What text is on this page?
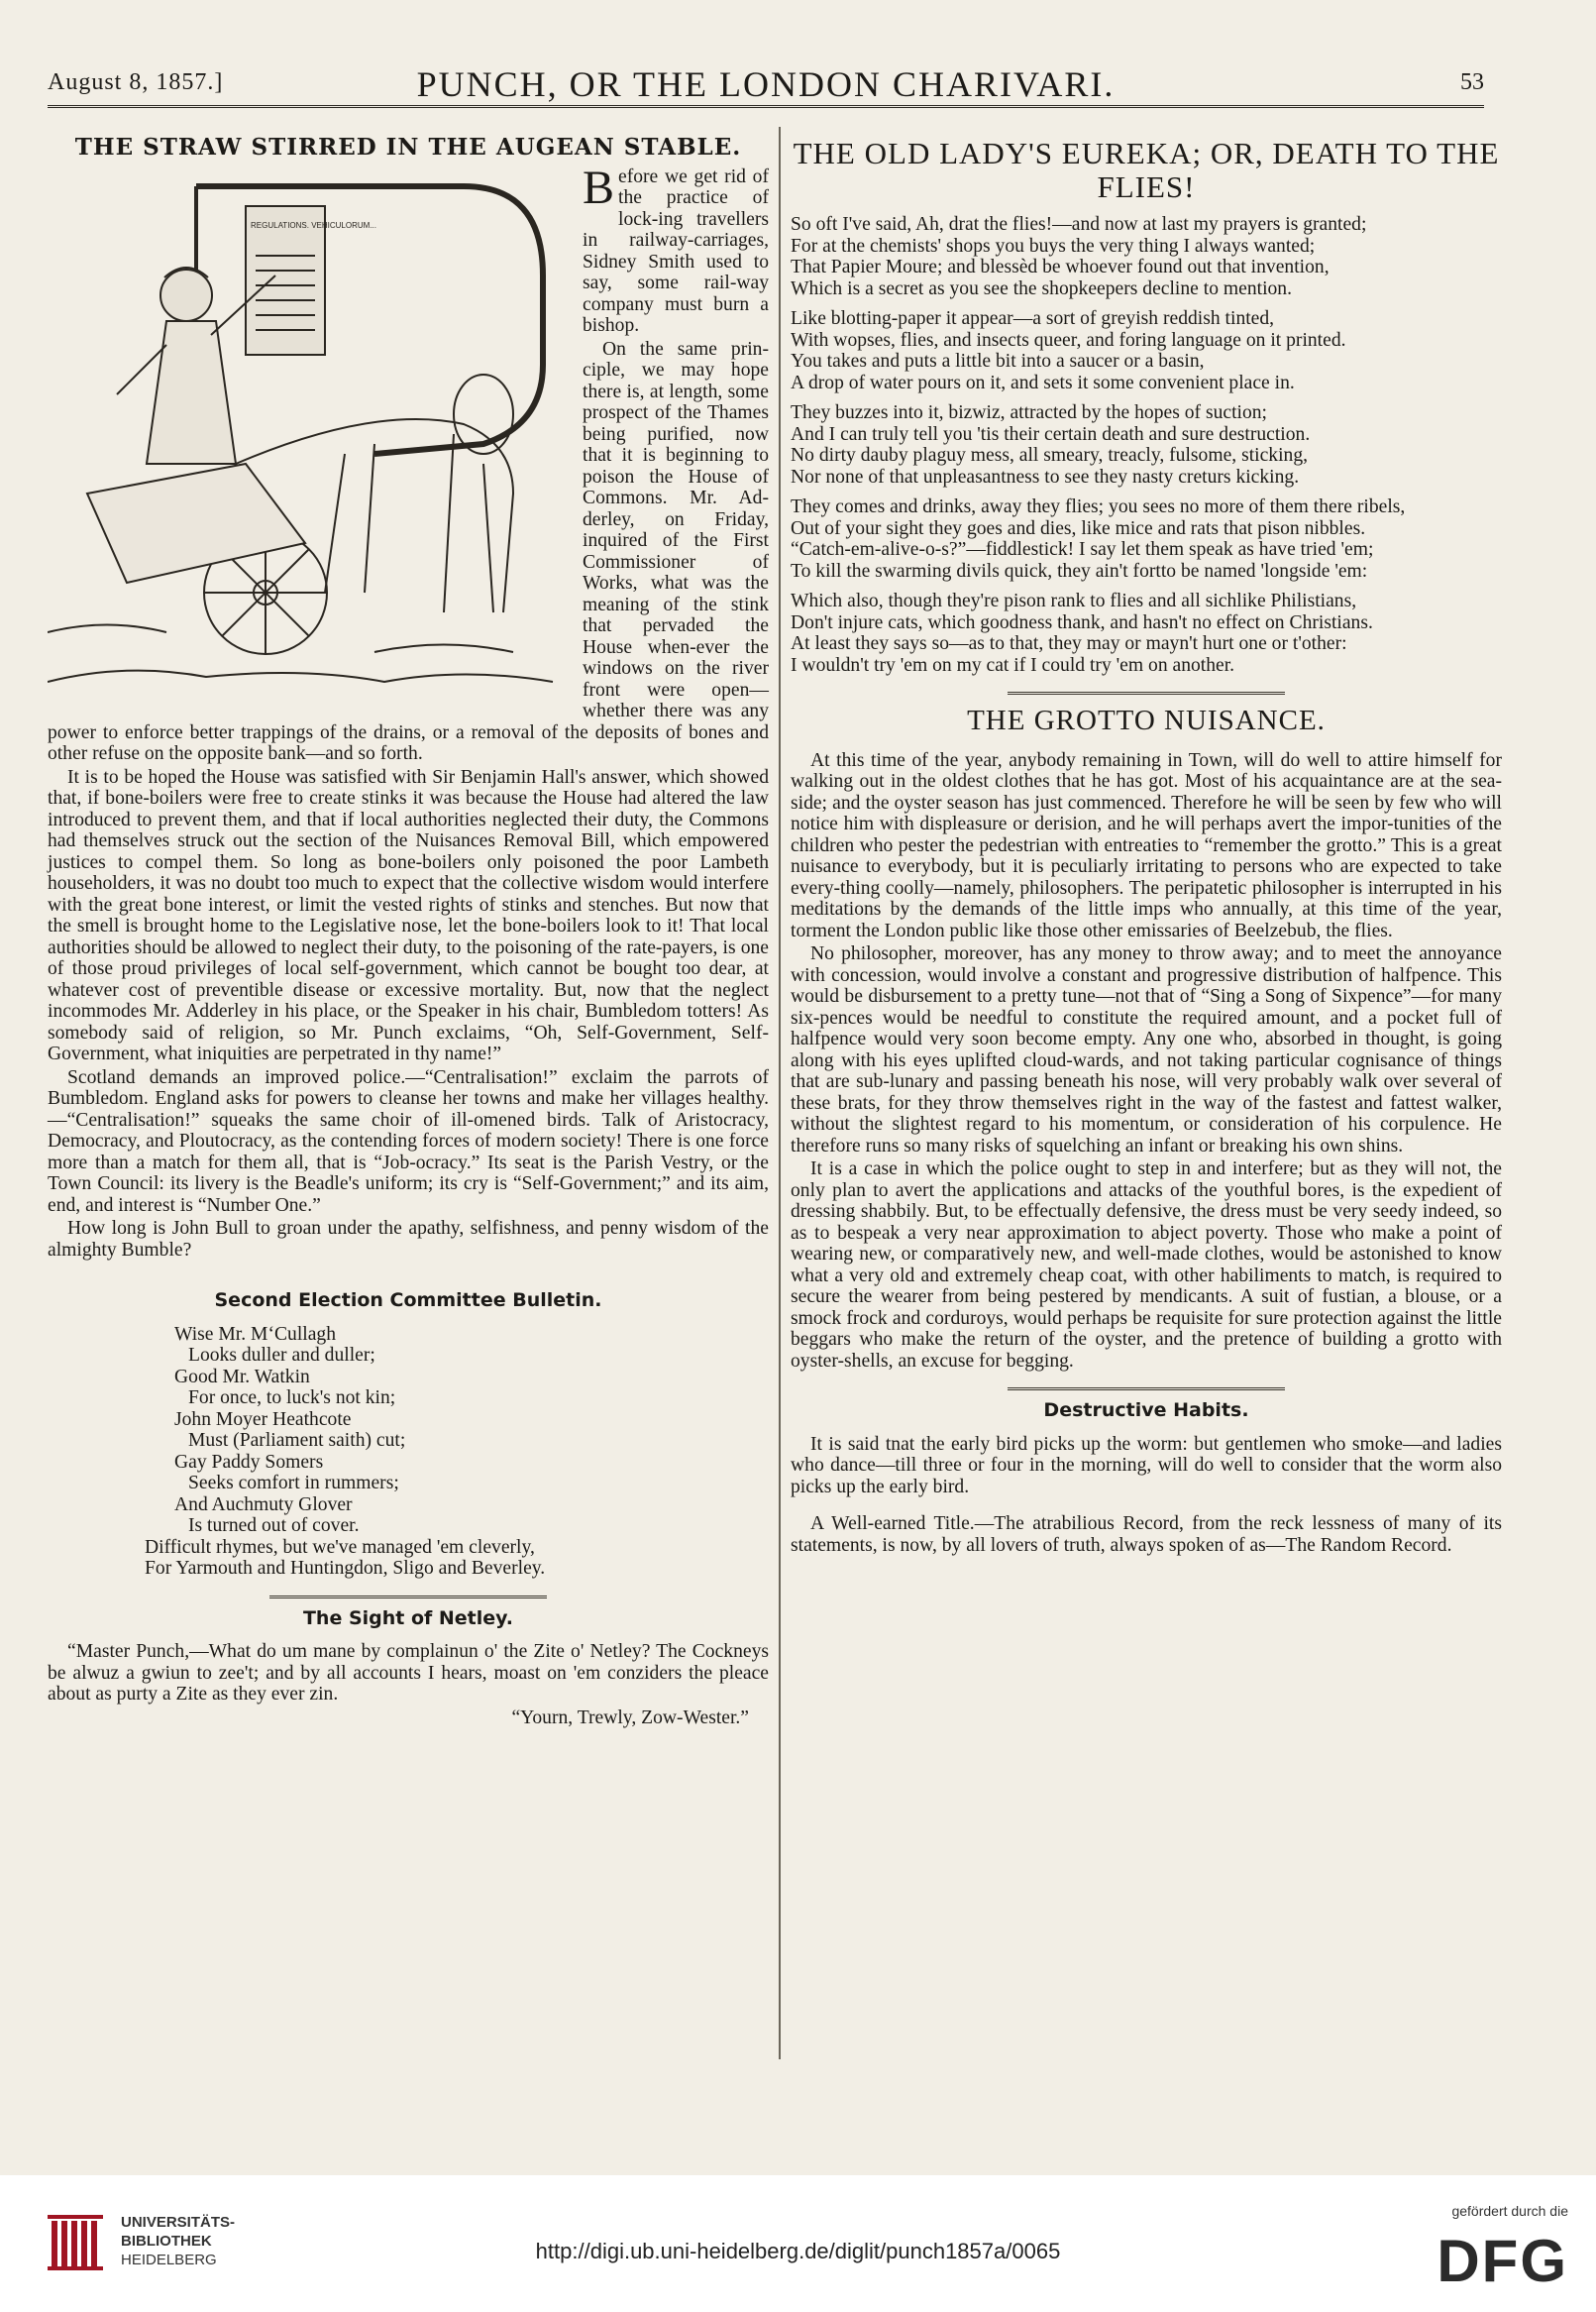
August 8, 1857.]	PUNCH, OR THE LONDON CHARIVARI.	53
THE STRAW STIRRED IN THE AUGEAN STABLE.
REGULATIONS. VEHICULORUM...

Before we get rid of the practice of lock-ing travellers in railway-carriages, Sidney Smith used to say, some rail-way company must burn a bishop.

On the same prin-ciple, we may hope there is, at length, some prospect of the Thames being purified, now that it is beginning to poison the House of Commons. Mr. Ad-derley, on Friday, inquired of the First Commissioner of Works, what was the meaning of the stink that pervaded the House when-ever the windows on the river front were open—whether there was any power to enforce better trappings of the drains, or a removal of the deposits of bones and other refuse on the opposite bank—and so forth.

It is to be hoped the House was satisfied with Sir Benjamin Hall's answer, which showed that, if bone-boilers were free to create stinks it was because the House had altered the law introduced to prevent them, and that if local authorities neglected their duty, the Commons had themselves struck out the section of the Nuisances Removal Bill, which empowered justices to compel them. So long as bone-boilers only poisoned the poor Lambeth householders, it was no doubt too much to expect that the collective wisdom would interfere with the great bone interest, or limit the vested rights of stinks and stenches. But now that the smell is brought home to the Legislative nose, let the bone-boilers look to it! That local authorities should be allowed to neglect their duty, to the poisoning of the rate-payers, is one of those proud privileges of local self-government, which cannot be bought too dear, at whatever cost of preventible disease or excessive mortality. But, now that the neglect incommodes Mr. Adderley in his place, or the Speaker in his chair, Bumbledom totters! As somebody said of religion, so Mr. Punch exclaims, “Oh, Self-Government, Self-Government, what iniquities are perpetrated in thy name!”

Scotland demands an improved police.—“Centralisation!” exclaim the parrots of Bumbledom. England asks for powers to cleanse her towns and make her villages healthy.—“Centralisation!” squeaks the same choir of ill-omened birds. Talk of Aristocracy, Democracy, and Ploutocracy, as the contending forces of modern society! There is one force more than a match for them all, that is “Job-ocracy.” Its seat is the Parish Vestry, or the Town Council: its livery is the Beadle's uniform; its cry is “Self-Government;” and its aim, end, and interest is “Number One.”

How long is John Bull to groan under the apathy, selfishness, and penny wisdom of the almighty Bumble?

Second Election Committee Bulletin.
Wise Mr. M‘Cullagh
Looks duller and duller;
Good Mr. Watkin
For once, to luck's not kin;
John Moyer Heathcote
Must (Parliament saith) cut;
Gay Paddy Somers
Seeks comfort in rummers;
And Auchmuty Glover
Is turned out of cover.
Difficult rhymes, but we've managed 'em cleverly,
For Yarmouth and Huntingdon, Sligo and Beverley.
The Sight of Netley.

“Master Punch,—What do um mane by complainun o' the Zite o' Netley? The Cockneys be alwuz a gwiun to zee't; and by all accounts I hears, moast on 'em conziders the pleace about as purty a Zite as they ever zin.

“Yourn, Trewly, Zow-Wester.”
THE OLD LADY'S EUREKA; OR, DEATH TO THE FLIES!
So oft I've said, Ah, drat the flies!—and now at last my prayers is granted;
For at the chemists' shops you buys the very thing I always wanted;
That Papier Moure; and blessèd be whoever found out that invention,
Which is a secret as you see the shopkeepers decline to mention.
Like blotting-paper it appear—a sort of greyish reddish tinted,
With wopses, flies, and insects queer, and foring language on it printed.
You takes and puts a little bit into a saucer or a basin,
A drop of water pours on it, and sets it some convenient place in.
They buzzes into it, bizwiz, attracted by the hopes of suction;
And I can truly tell you 'tis their certain death and sure destruction.
No dirty dauby plaguy mess, all smeary, treacly, fulsome, sticking,
Nor none of that unpleasantness to see they nasty creturs kicking.
They comes and drinks, away they flies; you sees no more of them there ribels,
Out of your sight they goes and dies, like mice and rats that pison nibbles.
“Catch-em-alive-o-s?”—fiddlestick! I say let them speak as have tried 'em;
To kill the swarming divils quick, they ain't fortto be named 'longside 'em:
Which also, though they're pison rank to flies and all sichlike Philistians,
Don't injure cats, which goodness thank, and hasn't no effect on Christians.
At least they says so—as to that, they may or mayn't hurt one or t'other:
I wouldn't try 'em on my cat if I could try 'em on another.
THE GROTTO NUISANCE.

At this time of the year, anybody remaining in Town, will do well to attire himself for walking out in the oldest clothes that he has got. Most of his acquaintance are at the sea-side; and the oyster season has just commenced. Therefore he will be seen by few who will notice him with displeasure or derision, and he will perhaps avert the impor-tunities of the children who pester the pedestrian with entreaties to “remember the grotto.” This is a great nuisance to everybody, but it is peculiarly irritating to persons who are expected to take every-thing coolly—namely, philosophers. The peripatetic philosopher is interrupted in his meditations by the demands of the little imps who annually, at this time of the year, torment the London public like those other emissaries of Beelzebub, the flies.

No philosopher, moreover, has any money to throw away; and to meet the annoyance with concession, would involve a constant and progressive distribution of halfpence. This would be disbursement to a pretty tune—not that of “Sing a Song of Sixpence”—for many six-pences would be needful to constitute the required amount, and a pocket full of halfpence would very soon become empty. Any one who, absorbed in thought, is going along with his eyes uplifted cloud-wards, and not taking particular cognisance of things that are sub-lunary and passing beneath his nose, will very probably walk over several of these brats, for they throw themselves right in the way of the fastest and fattest walker, without the slightest regard to his momentum, or consideration of his corpulence. He therefore runs so many risks of squelching an infant or breaking his own shins.

It is a case in which the police ought to step in and interfere; but as they will not, the only plan to avert the applications and attacks of the youthful bores, is the expedient of dressing shabbily. But, to be effectually defensive, the dress must be very seedy indeed, so as to bespeak a very near approximation to abject poverty. Those who make a point of wearing new, or comparatively new, and well-made clothes, would be astonished to know what a very old and extremely cheap coat, with other habiliments to match, is required to secure the wearer from being pestered by mendicants. A suit of fustian, a blouse, or a smock frock and corduroys, would perhaps be requisite for sure protection against the little beggars who make the return of the oyster, and the pretence of building a grotto with oyster-shells, an excuse for begging.

Destructive Habits.

It is said tnat the early bird picks up the worm: but gentlemen who smoke—and ladies who dance—till three or four in the morning, will do well to consider that the worm also picks up the early bird.

A Well-earned Title.—The atrabilious Record, from the reck lessness of many of its statements, is now, by all lovers of truth, always spoken of as—The Random Record.

UNIVERSITÄTS-
BIBLIOTHEK
HEIDELBERG	http://digi.ub.uni-heidelberg.de/diglit/punch1857a/0065
gefördert durch die
DFG
